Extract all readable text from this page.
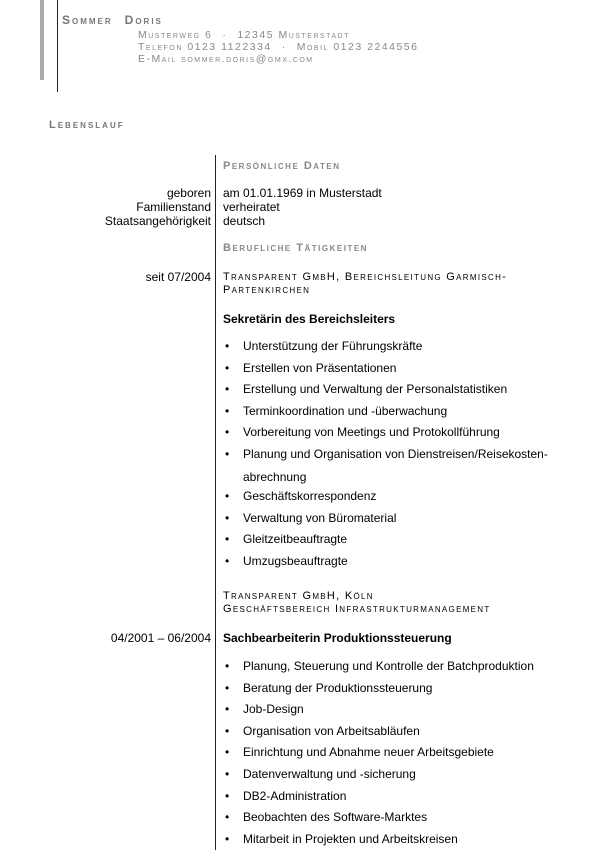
Sommer Doris
Musterweg 6 · 12345 Musterstadt
Telefon 0123 1122334 · Mobil 0123 2244556
E-Mail sommer.doris@gmx.com
Lebenslauf
Persönliche Daten
geboren am 01.01.1969 in Musterstadt
Familienstand verheiratet
Staatsangehörigkeit deutsch
Berufliche Tätigkeiten
seit 07/2004 Transparent GmbH, Bereichsleitung Garmisch-
Partenkirchen
Sekretärin des Bereichsleiters
• Unterstützung der Führungskräfte
• Erstellen von Präsentationen
• Erstellung und Verwaltung der Personalstatistiken
• Terminkoordination und -überwachung
• Vorbereitung von Meetings und Protokollführung
• Planung und Organisation von Dienstreisen/Reisekosten-
abrechnung
• Geschäftskorrespondenz
• Verwaltung von Büromaterial
• Gleitzeitbeauftragte
• Umzugsbeauftragte
Transparent GmbH, Köln
Geschäftsbereich Infrastrukturmanagement
04/2001 – 06/2004 Sachbearbeiterin Produktionssteuerung
• Planung, Steuerung und Kontrolle der Batchproduktion
• Beratung der Produktionssteuerung
• Job-Design
• Organisation von Arbeitsabläufen
• Einrichtung und Abnahme neuer Arbeitsgebiete
• Datenverwaltung und -sicherung
• DB2-Administration
• Beobachten des Software-Marktes
• Mitarbeit in Projekten und Arbeitskreisen
